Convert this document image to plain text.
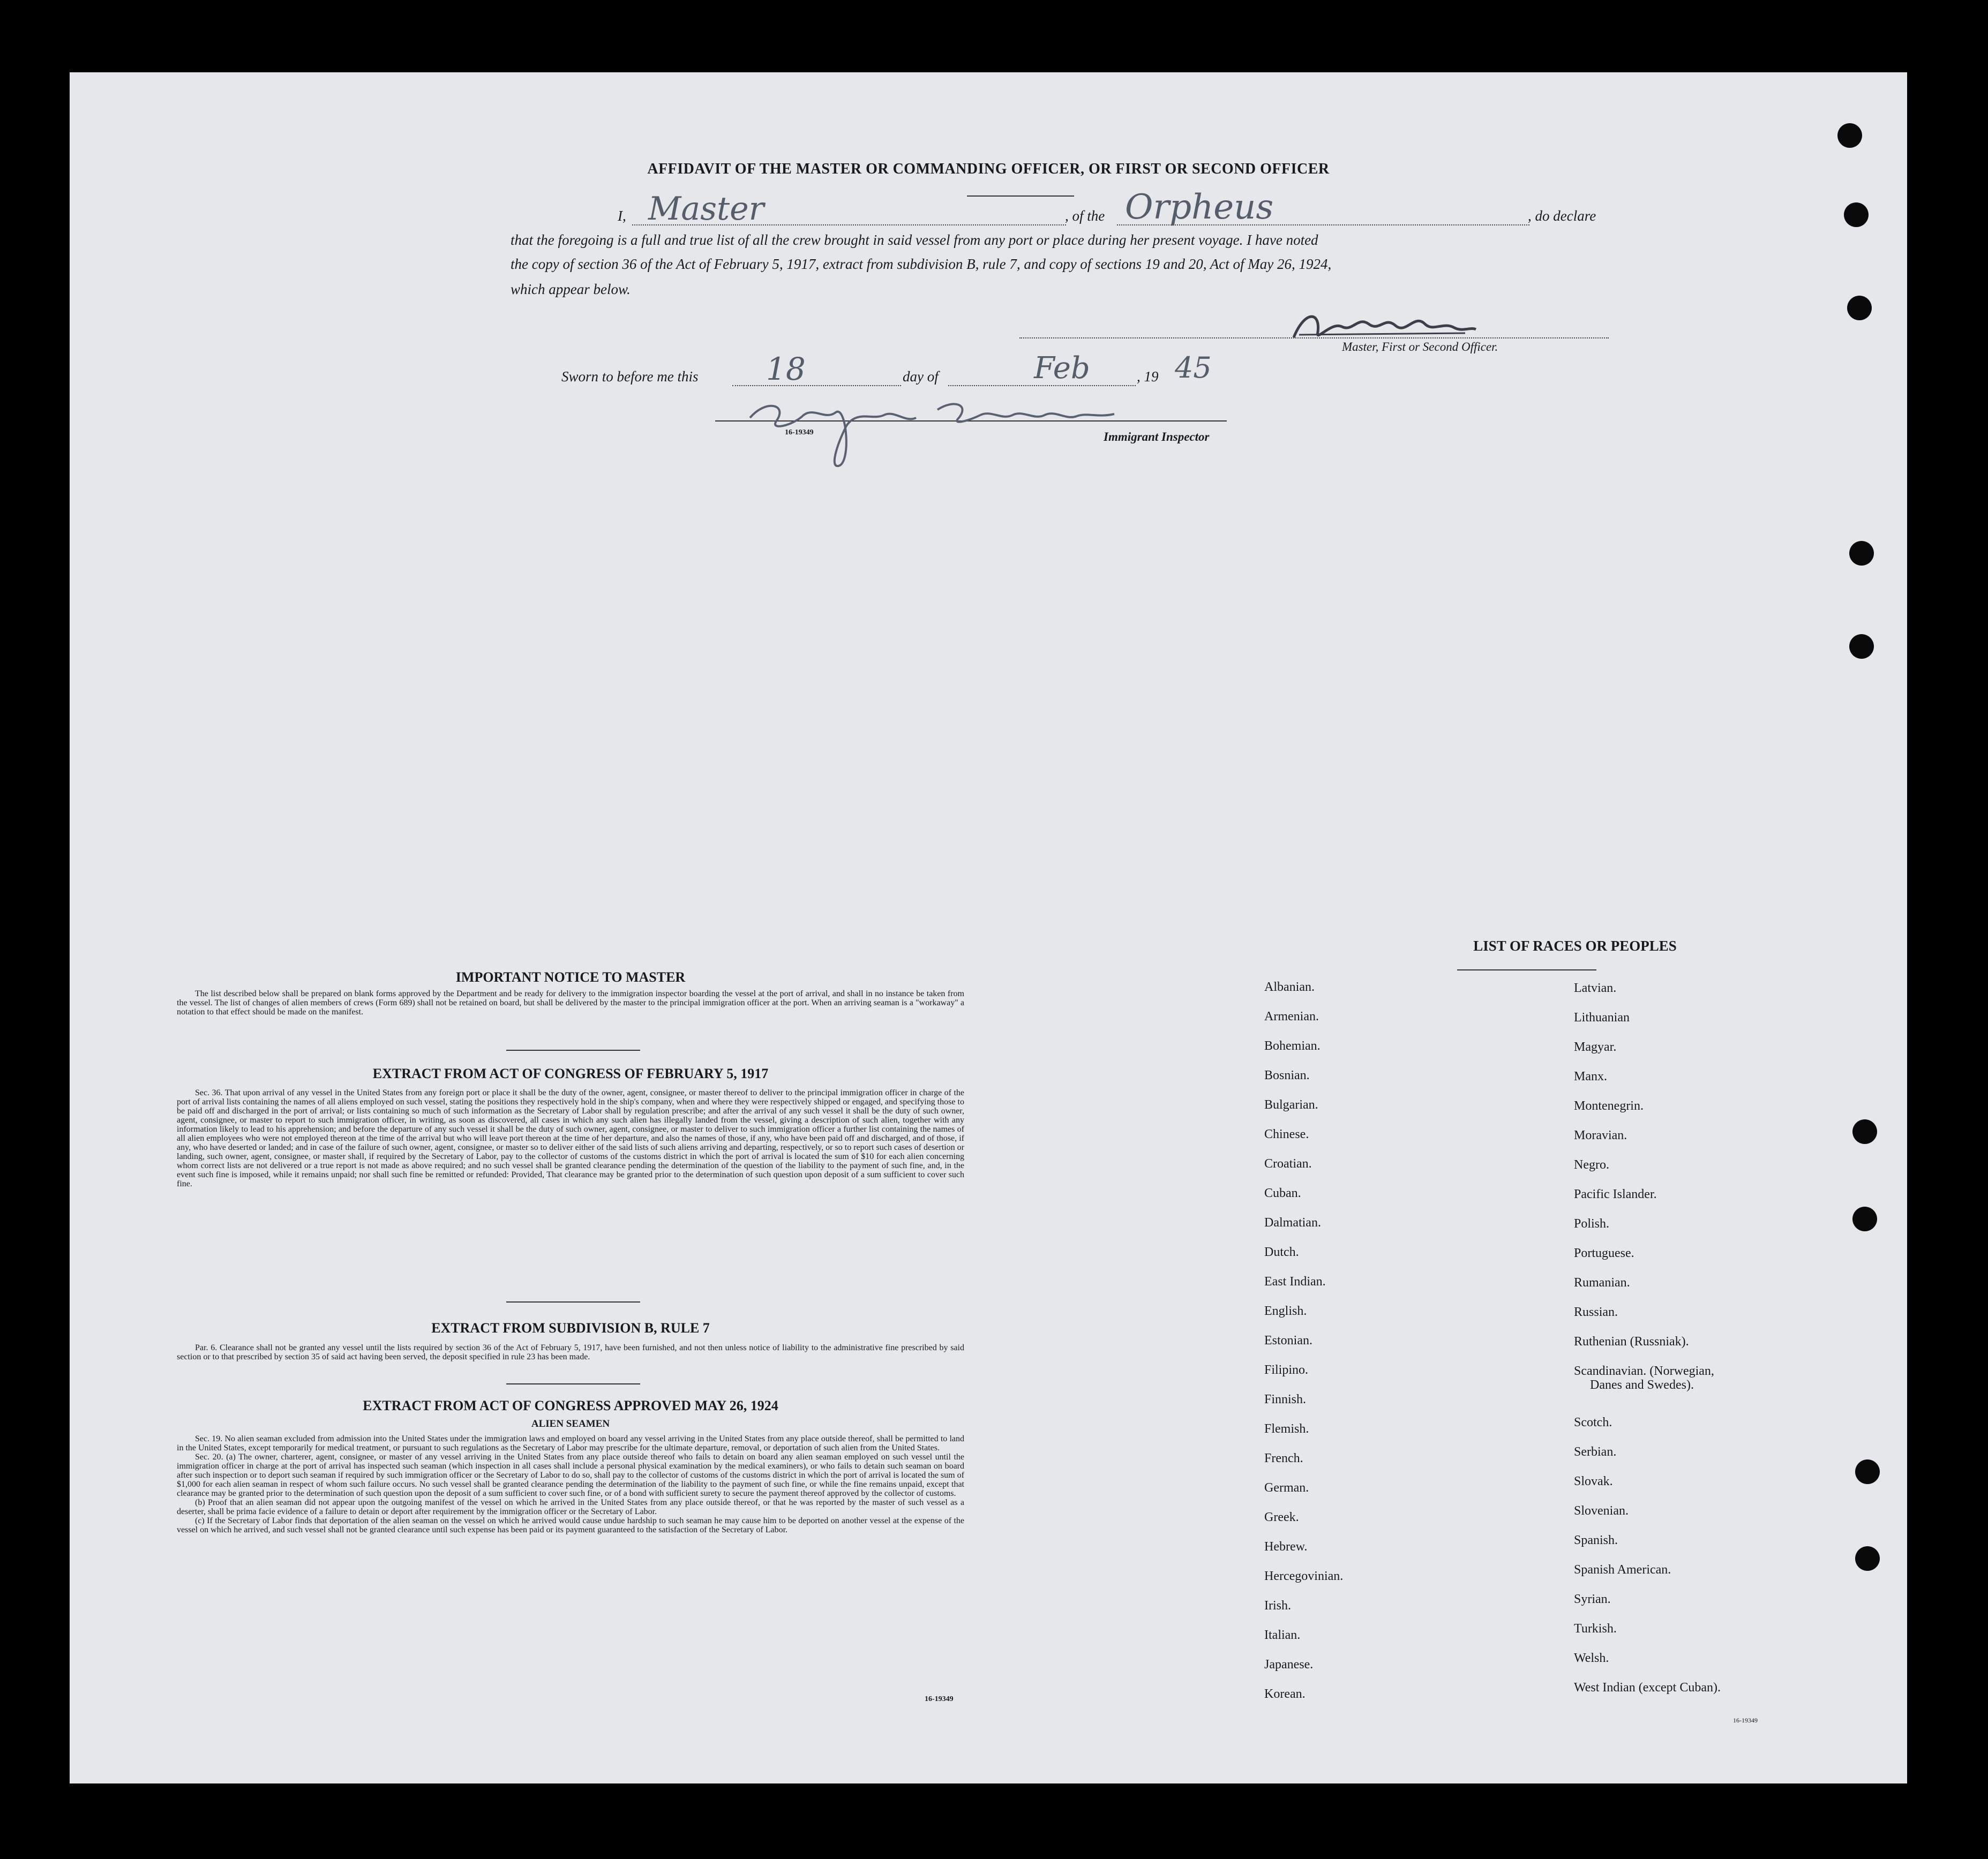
AFFIDAVIT OF THE MASTER OR COMMANDING OFFICER, OR FIRST OR SECOND OFFICER
I, Master	, of the Orpheus	, do declare
that the foregoing is a full and true list of all the crew brought in said vessel from any port or place during her present voyage. I have noted
the copy of section 36 of the Act of February 5, 1917, extract from subdivision B, rule 7, and copy of sections 19 and 20, Act of May 26, 1924,
which appear below.
Master, First or Second Officer.
Sworn to before me this 18	day of	Feb	, 19 45
16-19349	Immigrant Inspector
IMPORTANT NOTICE TO MASTER

The list described below shall be prepared on blank forms approved by the Department and be ready for delivery to the immigration inspector boarding the vessel at the port of arrival, and shall in no instance be taken from the vessel. The list of changes of alien members of crews (Form 689) shall not be retained on board, but shall be delivered by the master to the principal immigration officer at the port. When an arriving seaman is a "workaway" a notation to that effect should be made on the manifest.

EXTRACT FROM ACT OF CONGRESS OF FEBRUARY 5, 1917

Sec. 36. That upon arrival of any vessel in the United States from any foreign port or place it shall be the duty of the owner, agent, consignee, or master thereof to deliver to the principal immigration officer in charge of the port of arrival lists containing the names of all aliens employed on such vessel, stating the positions they respectively hold in the ship's company, when and where they were respectively shipped or engaged, and specifying those to be paid off and discharged in the port of arrival; or lists containing so much of such information as the Secretary of Labor shall by regulation prescribe; and after the arrival of any such vessel it shall be the duty of such owner, agent, consignee, or master to report to such immigration officer, in writing, as soon as discovered, all cases in which any such alien has illegally landed from the vessel, giving a description of such alien, together with any information likely to lead to his apprehension; and before the departure of any such vessel it shall be the duty of such owner, agent, consignee, or master to deliver to such immigration officer a further list containing the names of all alien employees who were not employed thereon at the time of the arrival but who will leave port thereon at the time of her departure, and also the names of those, if any, who have been paid off and discharged, and of those, if any, who have deserted or landed; and in case of the failure of such owner, agent, consignee, or master so to deliver either of the said lists of such aliens arriving and departing, respectively, or so to report such cases of desertion or landing, such owner, agent, consignee, or master shall, if required by the Secretary of Labor, pay to the collector of customs of the customs district in which the port of arrival is located the sum of $10 for each alien concerning whom correct lists are not delivered or a true report is not made as above required; and no such vessel shall be granted clearance pending the determination of the question of the liability to the payment of such fine, and, in the event such fine is imposed, while it remains unpaid; nor shall such fine be remitted or refunded: Provided, That clearance may be granted prior to the determination of such question upon deposit of a sum sufficient to cover such fine.

EXTRACT FROM SUBDIVISION B, RULE 7

Par. 6. Clearance shall not be granted any vessel until the lists required by section 36 of the Act of February 5, 1917, have been furnished, and not then unless notice of liability to the administrative fine prescribed by said section or to that prescribed by section 35 of said act having been served, the deposit specified in rule 23 has been made.

EXTRACT FROM ACT OF CONGRESS APPROVED MAY 26, 1924
ALIEN SEAMEN

Sec. 19. No alien seaman excluded from admission into the United States under the immigration laws and employed on board any vessel arriving in the United States from any place outside thereof, shall be permitted to land in the United States, except temporarily for medical treatment, or pursuant to such regulations as the Secretary of Labor may prescribe for the ultimate departure, removal, or deportation of such alien from the United States.

Sec. 20. (a) The owner, charterer, agent, consignee, or master of any vessel arriving in the United States from any place outside thereof who fails to detain on board any alien seaman employed on such vessel until the immigration officer in charge at the port of arrival has inspected such seaman (which inspection in all cases shall include a personal physical examination by the medical examiners), or who fails to detain such seaman on board after such inspection or to deport such seaman if required by such immigration officer or the Secretary of Labor to do so, shall pay to the collector of customs of the customs district in which the port of arrival is located the sum of $1,000 for each alien seaman in respect of whom such failure occurs. No such vessel shall be granted clearance pending the determination of the liability to the payment of such fine, or while the fine remains unpaid, except that clearance may be granted prior to the determination of such question upon the deposit of a sum sufficient to cover such fine, or of a bond with sufficient surety to secure the payment thereof approved by the collector of customs.

(b) Proof that an alien seaman did not appear upon the outgoing manifest of the vessel on which he arrived in the United States from any place outside thereof, or that he was reported by the master of such vessel as a deserter, shall be prima facie evidence of a failure to detain or deport after requirement by the immigration officer or the Secretary of Labor.

(c) If the Secretary of Labor finds that deportation of the alien seaman on the vessel on which he arrived would cause undue hardship to such seaman he may cause him to be deported on another vessel at the expense of the vessel on which he arrived, and such vessel shall not be granted clearance until such expense has been paid or its payment guaranteed to the satisfaction of the Secretary of Labor.

16-19349
LIST OF RACES OR PEOPLES
Albanian.
Armenian.
Bohemian.
Bosnian.
Bulgarian.
Chinese.
Croatian.
Cuban.
Dalmatian.
Dutch.
East Indian.
English.
Estonian.
Filipino.
Finnish.
Flemish.
French.
German.
Greek.
Hebrew.
Hercegovinian.
Irish.
Italian.
Japanese.
Korean.
Latvian.
Lithuanian
Magyar.
Manx.
Montenegrin.
Moravian.
Negro.
Pacific Islander.
Polish.
Portuguese.
Rumanian.
Russian.
Ruthenian (Russniak).
Scandinavian. (Norwegian,
Danes and Swedes).
Scotch.
Serbian.
Slovak.
Slovenian.
Spanish.
Spanish American.
Syrian.
Turkish.
Welsh.
West Indian (except Cuban).
16-19349
